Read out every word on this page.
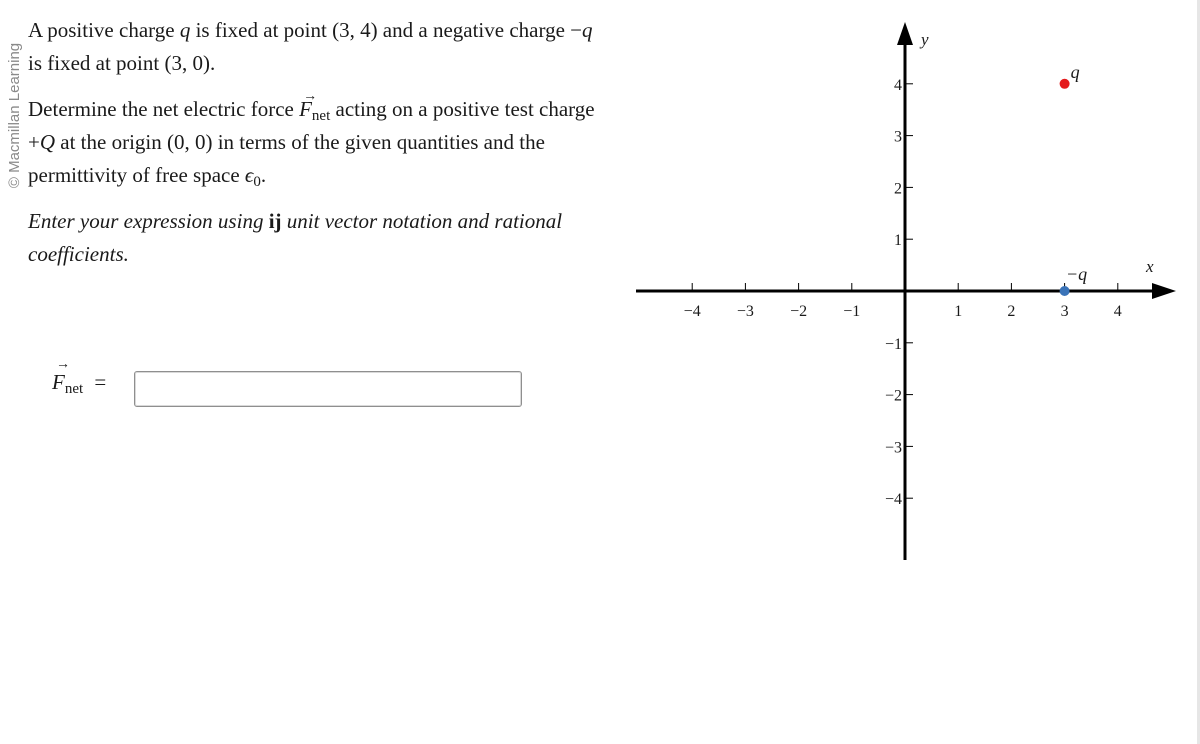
© Macmillan Learning

A positive charge q is fixed at point (3, 4) and a negative charge −q is fixed at point (3, 0).

Determine the net electric force
→
$F_{net}$ acting on a positive test charge +Q at the origin (0, 0) in terms of the given quantities and the permittivity of free space $\epsilon_0$.

Enter your expression using ij unit vector notation and rational coefficients.

→
$F_{net}$ =
−4 −3 −2 −1	1	2	3	4
4
3
2
1
−1
−2
−3
−4
x
y
q
−q
